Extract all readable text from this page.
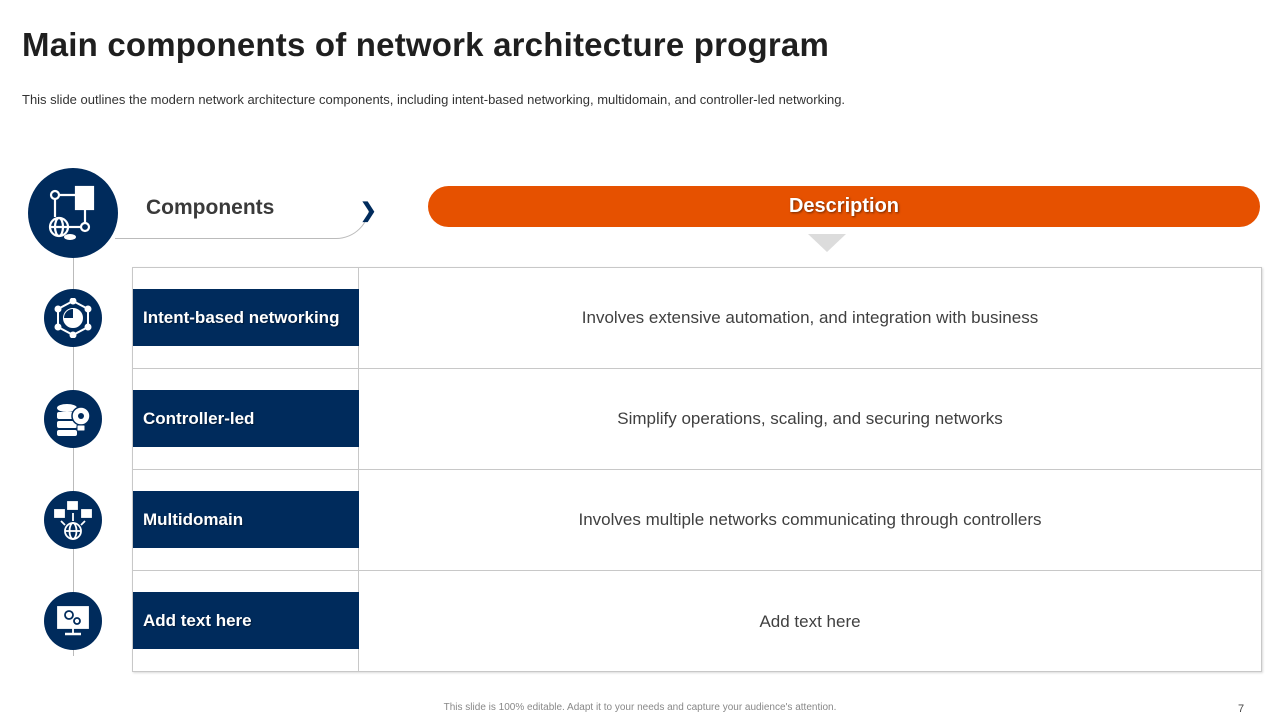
Main components of network architecture program
This slide outlines the modern network architecture components, including intent-based networking, multidomain, and controller-led networking.
Components	❯	Description
Intent-based networking	Involves extensive automation, and integration with business
Controller-led	Simplify operations, scaling, and securing networks
Multidomain	Involves multiple networks communicating through controllers
Add text here	Add text here
This slide is 100% editable. Adapt it to your needs and capture your audience's attention.	7
